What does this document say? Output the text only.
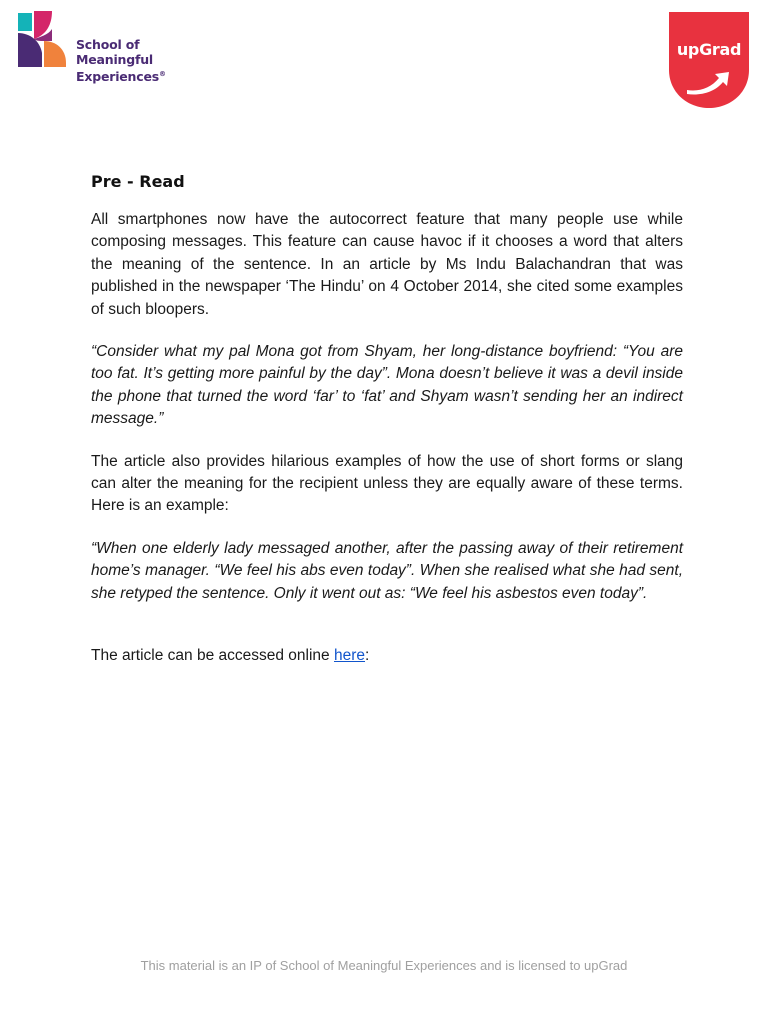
School of
Meaningful
Experiences®
upGrad
Pre - Read

All smartphones now have the autocorrect feature that many people use while composing messages. This feature can cause havoc if it chooses a word that alters the meaning of the sentence. In an article by Ms Indu Balachandran that was published in the newspaper ‘The Hindu’ on 4 October 2014, she cited some examples of such bloopers.

“Consider what my pal Mona got from Shyam, her long-distance boyfriend: “You are too fat. It’s getting more painful by the day”. Mona doesn’t believe it was a devil inside the phone that turned the word ‘far’ to ‘fat’ and Shyam wasn’t sending her an indirect message.”

The article also provides hilarious examples of how the use of short forms or slang can alter the meaning for the recipient unless they are equally aware of these terms. Here is an example:

“When one elderly lady messaged another, after the passing away of their retirement home’s manager. “We feel his abs even today”. When she realised what she had sent, she retyped the sentence. Only it went out as: “We feel his asbestos even today”.

The article can be accessed online here:

This material is an IP of School of Meaningful Experiences and is licensed to upGrad
